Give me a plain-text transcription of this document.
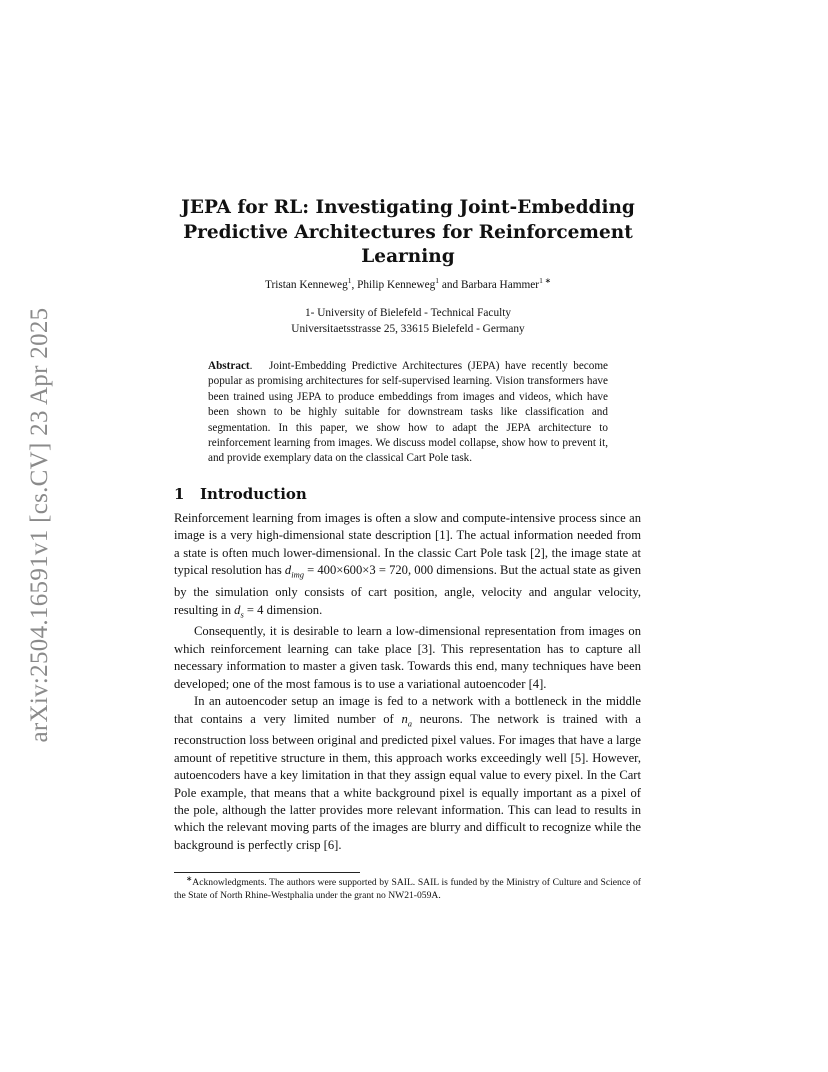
arXiv:2504.16591v1 [cs.CV] 23 Apr 2025
JEPA for RL: Investigating Joint-Embedding
Predictive Architectures for Reinforcement
Learning
Tristan Kenneweg$^1$, Philip Kenneweg$^1$ and Barbara Hammer$^{1 ∗}$
1- University of Bielefeld - Technical Faculty
Universitaetsstrasse 25, 33615 Bielefeld - Germany
Abstract. Joint-Embedding Predictive Architectures (JEPA) have recently become popular as promising architectures for self-supervised learning. Vision transformers have been trained using JEPA to produce embeddings from images and videos, which have been shown to be highly suitable for downstream tasks like classification and segmentation. In this paper, we show how to adapt the JEPA architecture to reinforcement learning from images. We discuss model collapse, show how to prevent it, and provide exemplary data on the classical Cart Pole task.
1 Introduction

Reinforcement learning from images is often a slow and compute-intensive process since an image is a very high-dimensional state description [1]. The actual information needed from a state is often much lower-dimensional. In the classic Cart Pole task [2], the image state at typical resolution has $d_{img} = 400\times 600\times 3 = 720$, 000 dimensions. But the actual state as given by the simulation only consists of cart position, angle, velocity and angular velocity, resulting in $d_s = 4$ dimension.

Consequently, it is desirable to learn a low-dimensional representation from images on which reinforcement learning can take place [3]. This representation has to capture all necessary information to master a given task. Towards this end, many techniques have been developed; one of the most famous is to use a variational autoencoder [4].

In an autoencoder setup an image is fed to a network with a bottleneck in the middle that contains a very limited number of $n_a$ neurons. The network is trained with a reconstruction loss between original and predicted pixel values. For images that have a large amount of repetitive structure in them, this approach works exceedingly well [5]. However, autoencoders have a key limitation in that they assign equal value to every pixel. In the Cart Pole example, that means that a white background pixel is equally important as a pixel of the pole, although the latter provides more relevant information. This can lead to results in which the relevant moving parts of the images are blurry and difficult to recognize while the background is perfectly crisp [6].

∗Acknowledgments. The authors were supported by SAIL. SAIL is funded by the Ministry of Culture and Science of the State of North Rhine-Westphalia under the grant no NW21-059A.
